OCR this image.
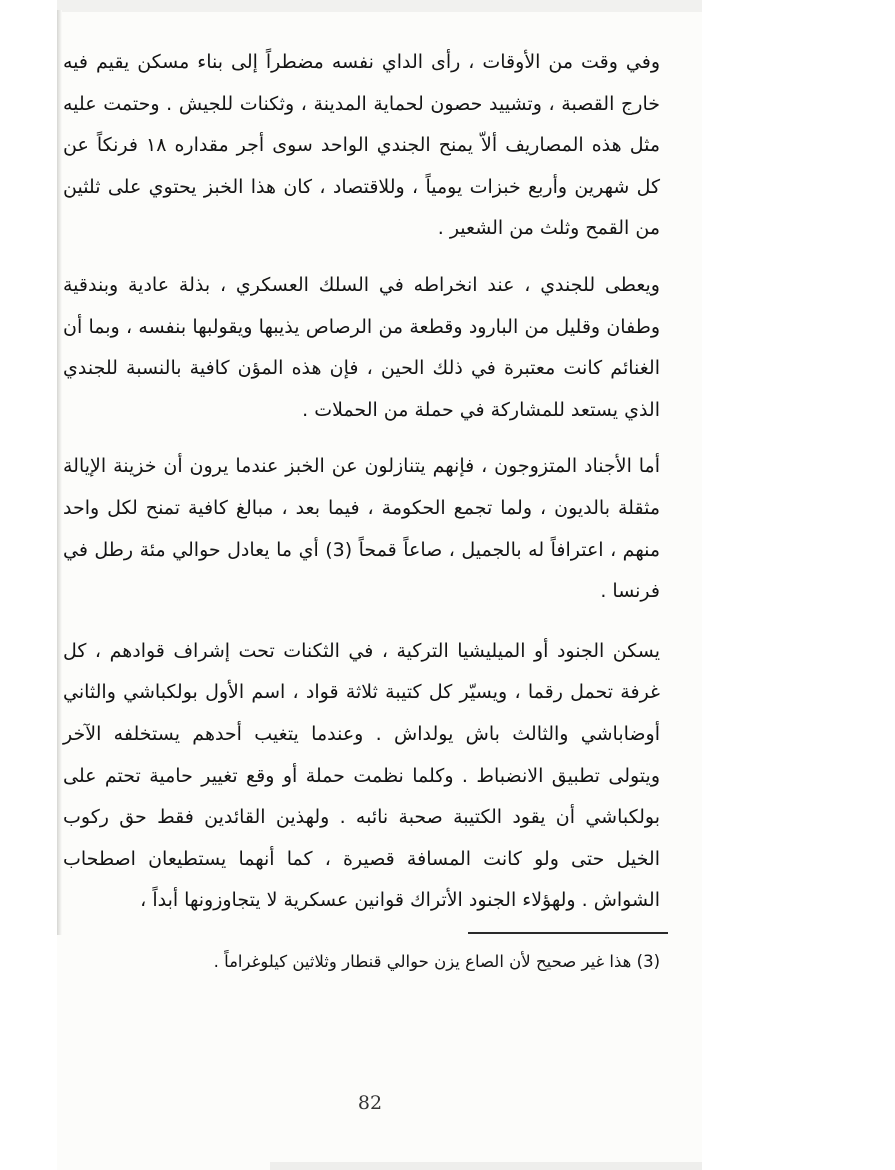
وفي وقت من الأوقات ، رأى الداي نفسه مضطراً إلى بناء مسكن يقيم فيه خارج القصبة ، وتشييد حصون لحماية المدينة ، وثكنات للجيش . وحتمت عليه مثل هذه المصاريف ألاّ يمنح الجندي الواحد سوى أجر مقداره ١٨ فرنكاً عن كل شهرين وأربع خبزات يومياً ، وللاقتصاد ، كان هذا الخبز يحتوي على ثلثين من القمح وثلث من الشعير .

ويعطى للجندي ، عند انخراطه في السلك العسكري ، بذلة عادية وبندقية وطفان وقليل من البارود وقطعة من الرصاص يذيبها ويقولبها بنفسه ، وبما أن الغنائم كانت معتبرة في ذلك الحين ، فإن هذه المؤن كافية بالنسبة للجندي الذي يستعد للمشاركة في حملة من الحملات .

أما الأجناد المتزوجون ، فإنهم يتنازلون عن الخبز عندما يرون أن خزينة الإيالة مثقلة بالديون ، ولما تجمع الحكومة ، فيما بعد ، مبالغ كافية تمنح لكل واحد منهم ، اعترافاً له بالجميل ، صاعاً قمحاً (3) أي ما يعادل حوالي مئة رطل في فرنسا .

يسكن الجنود أو الميليشيا التركية ، في الثكنات تحت إشراف قوادهم ، كل غرفة تحمل رقما ، ويسيّر كل كتيبة ثلاثة قواد ، اسم الأول بولكباشي والثاني أوضاباشي والثالث باش يولداش . وعندما يتغيب أحدهم يستخلفه الآخر ويتولى تطبيق الانضباط . وكلما نظمت حملة أو وقع تغيير حامية تحتم على بولكباشي أن يقود الكتيبة صحبة نائبه . ولهذين القائدين فقط حق ركوب الخيل حتى ولو كانت المسافة قصيرة ، كما أنهما يستطيعان اصطحاب الشواش . ولهؤلاء الجنود الأتراك قوانين عسكرية لا يتجاوزونها أبداً ،

(3) هذا غير صحيح لأن الصاع يزن حوالي قنطار وثلاثين كيلوغراماً .
82
